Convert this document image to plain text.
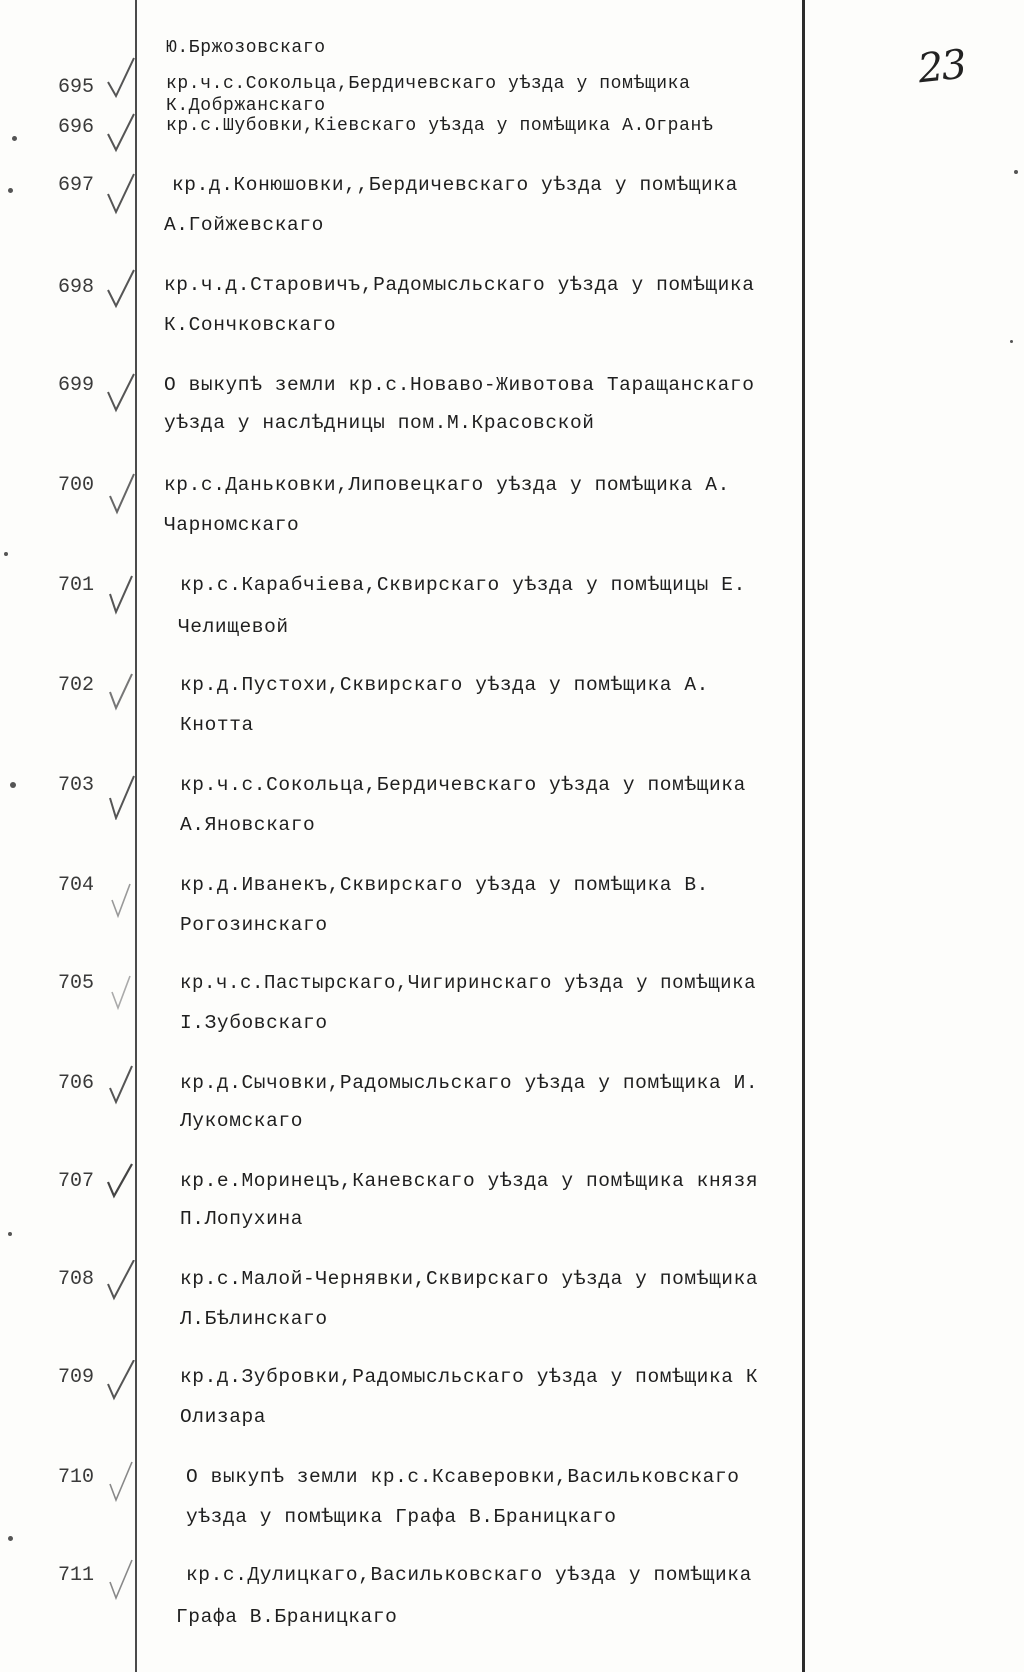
23
Ю.Бржозовскаго
695	кр.ч.с.Сокольца,Бердичевскаго уѣзда у помѣщика
К.Добржанскаго
696	кр.с.Шубовки,Кіевскаго уѣзда у помѣщика А.Огранѣ
697	кр.д.Конюшовки,,Бердичевскаго уѣзда у помѣщика
А.Гойжевскаго
698	кр.ч.д.Старовичъ,Радомысльскаго уѣзда у помѣщика
К.Сончковскаго
699	О выкупѣ земли кр.с.Новаво-Животова Таращанскаго
уѣзда у наслѣдницы пом.М.Красовской
700	кр.с.Даньковки,Липовецкаго уѣзда у помѣщика А.
Чарномскаго
701	кр.с.Карабчіева,Сквирскаго уѣзда у помѣщицы Е.
Челищевой
702	кр.д.Пустохи,Сквирскаго уѣзда у помѣщика А.
Кнотта
703	кр.ч.с.Сокольца,Бердичевскаго уѣзда у помѣщика
А.Яновскаго
704	кр.д.Иванекъ,Сквирскаго уѣзда у помѣщика В.
Рогозинскаго
705	кр.ч.с.Пастырскаго,Чигиринскаго уѣзда у помѣщика
І.Зубовскаго
706	кр.д.Сычовки,Радомысльскаго уѣзда у помѣщика И.
Лукомскаго
707	кр.е.Моринецъ,Каневскаго уѣзда у помѣщика князя
П.Лопухина
708	кр.с.Малой-Чернявки,Сквирскаго уѣзда у помѣщика
Л.Бѣлинскаго
709	кр.д.Зубровки,Радомысльскаго уѣзда у помѣщика К
Олизара
710	О выкупѣ земли кр.с.Ксаверовки,Васильковскаго
уѣзда у помѣщика Графа В.Браницкаго
711	кр.с.Дулицкаго,Васильковскаго уѣзда у помѣщика
Графа В.Браницкаго
